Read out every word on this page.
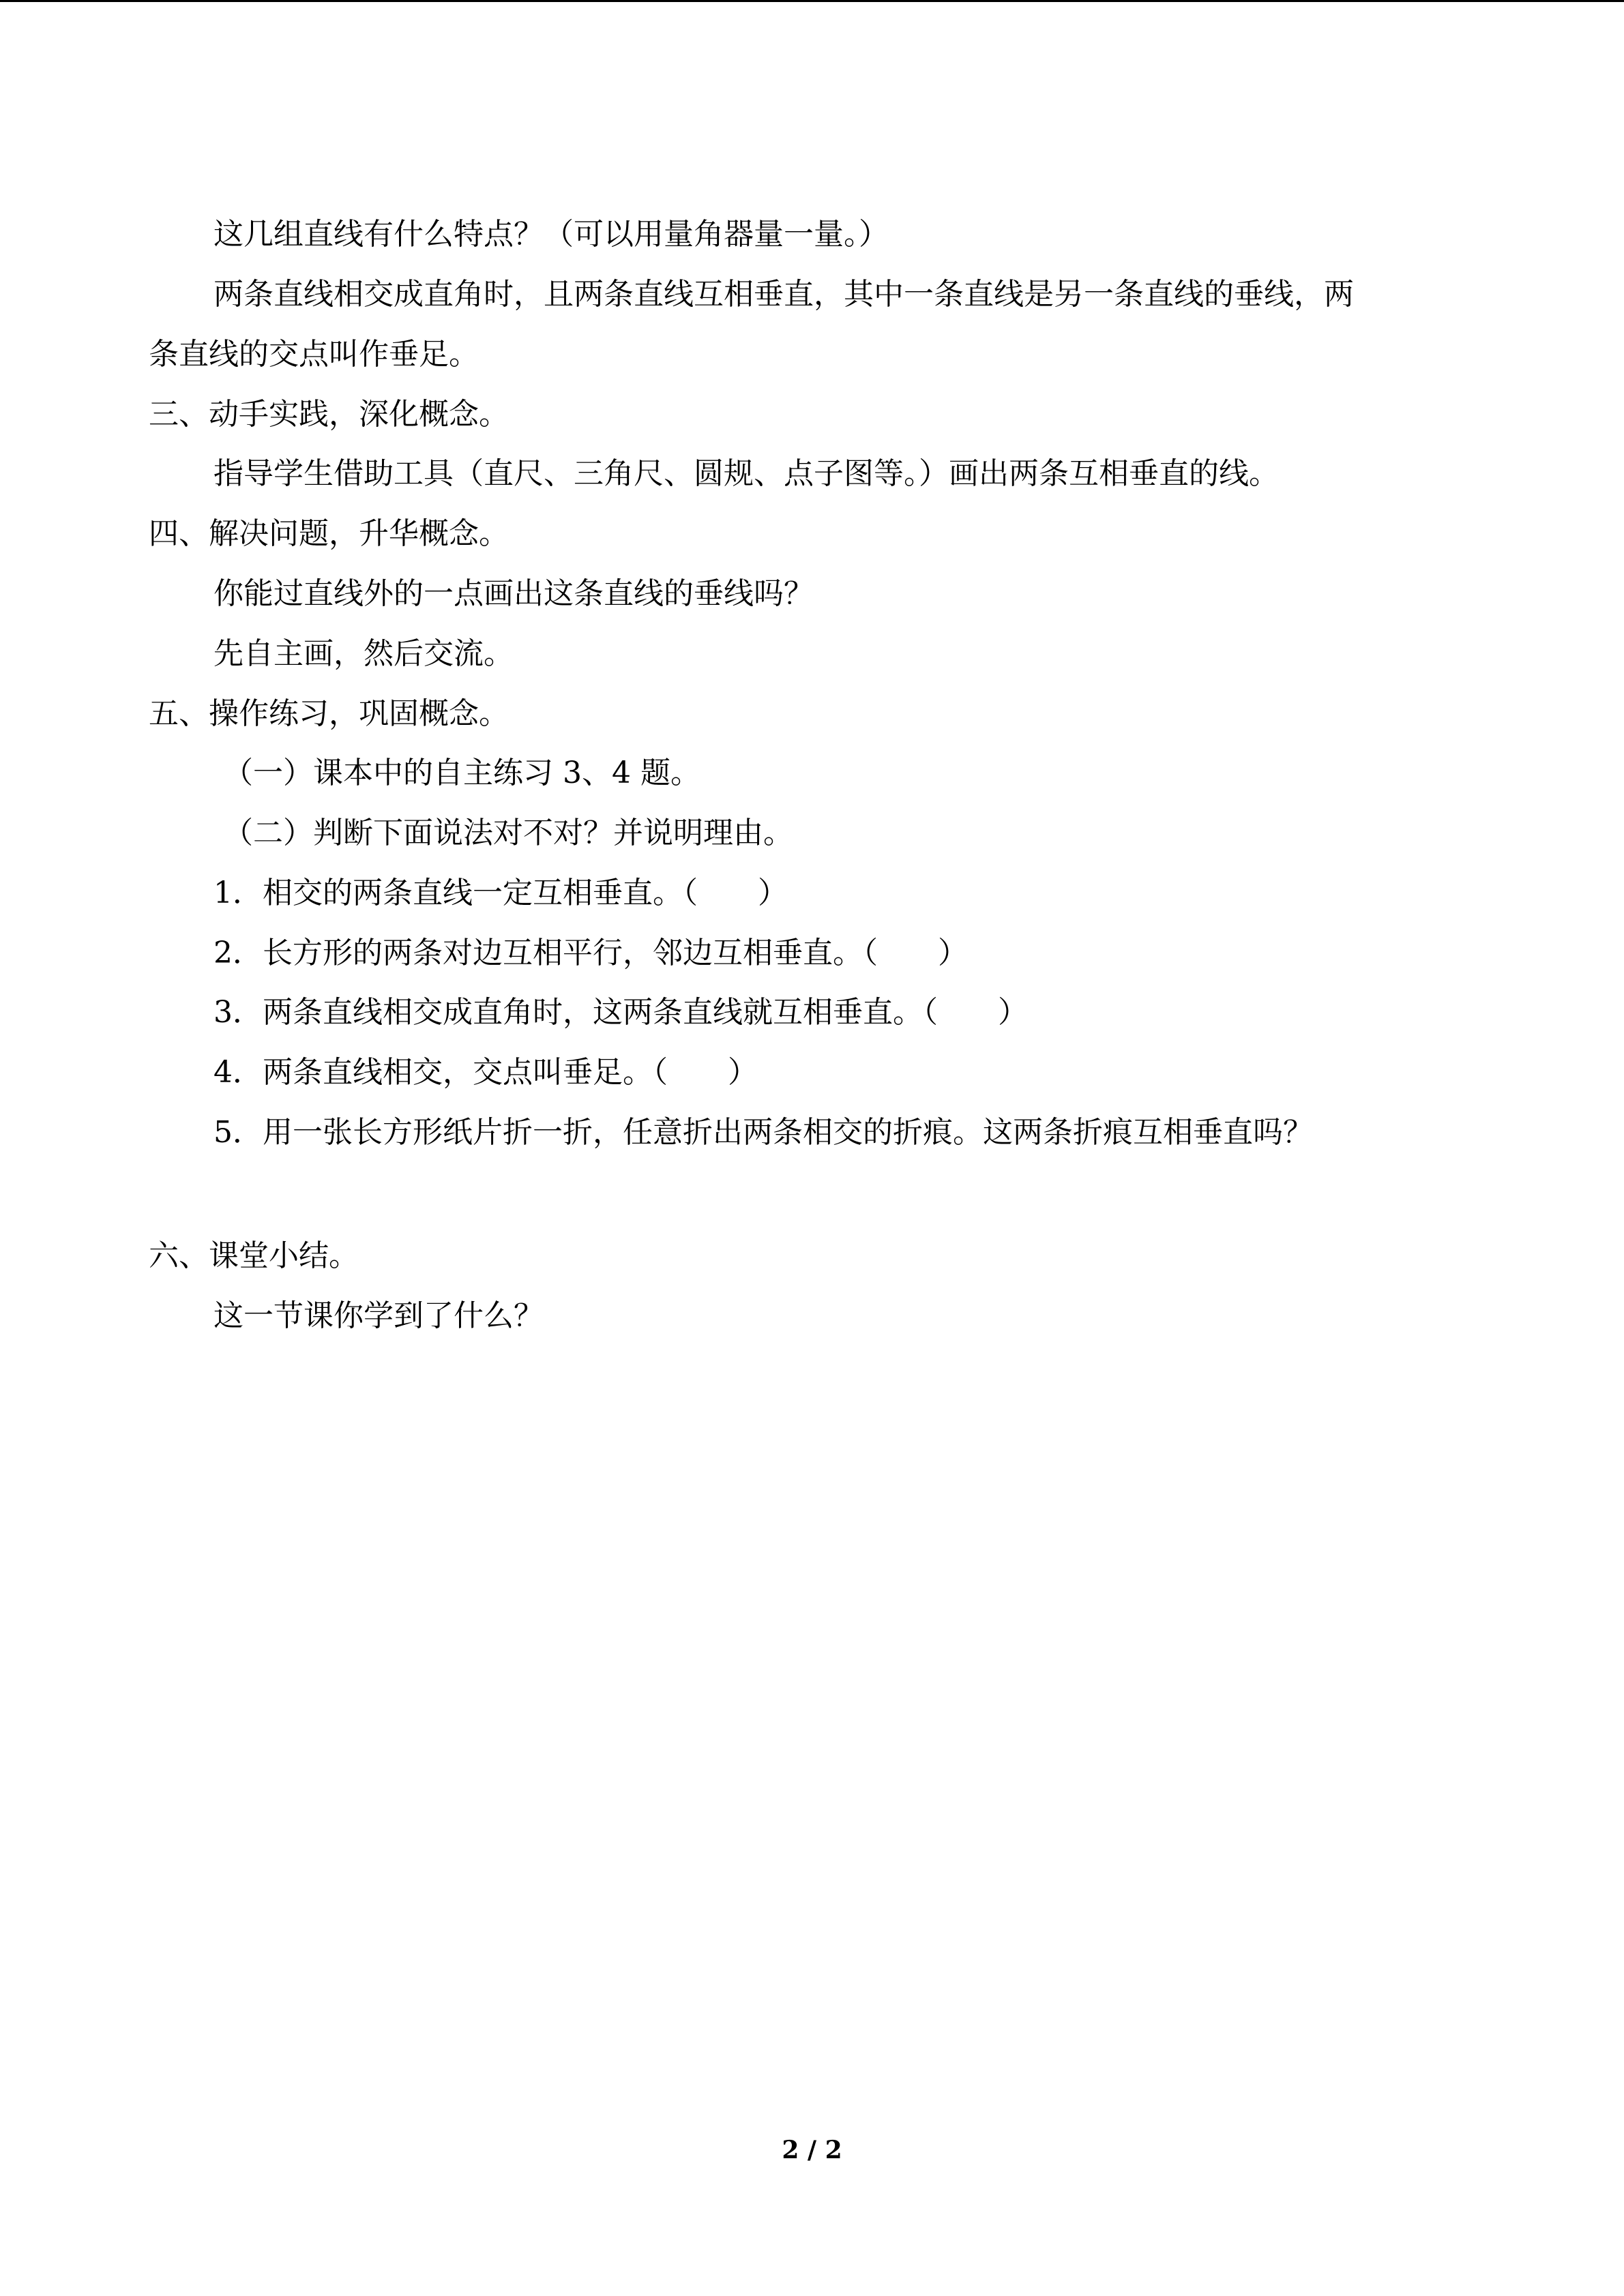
这几组直线有什么特点？（可以用量角器量一量。）
两条直线相交成直角时，且两条直线互相垂直，其中一条直线是另一条直线的垂线，两
条直线的交点叫作垂足。
三、动手实践，深化概念。
指导学生借助工具（直尺、三角尺、圆规、点子图等。）画出两条互相垂直的线。
四、解决问题，升华概念。
你能过直线外的一点画出这条直线的垂线吗？
先自主画，然后交流。
五、操作练习，巩固概念。
（一）课本中的自主练习 3、4 题。
（二）判断下面说法对不对？并说明理由。
1．相交的两条直线一定互相垂直。（　　）
2．长方形的两条对边互相平行，邻边互相垂直。（　　）
3．两条直线相交成直角时，这两条直线就互相垂直。（　　）
4．两条直线相交，交点叫垂足。（　　）
5．用一张长方形纸片折一折，任意折出两条相交的折痕。这两条折痕互相垂直吗？
六、课堂小结。
这一节课你学到了什么？
2 / 2
